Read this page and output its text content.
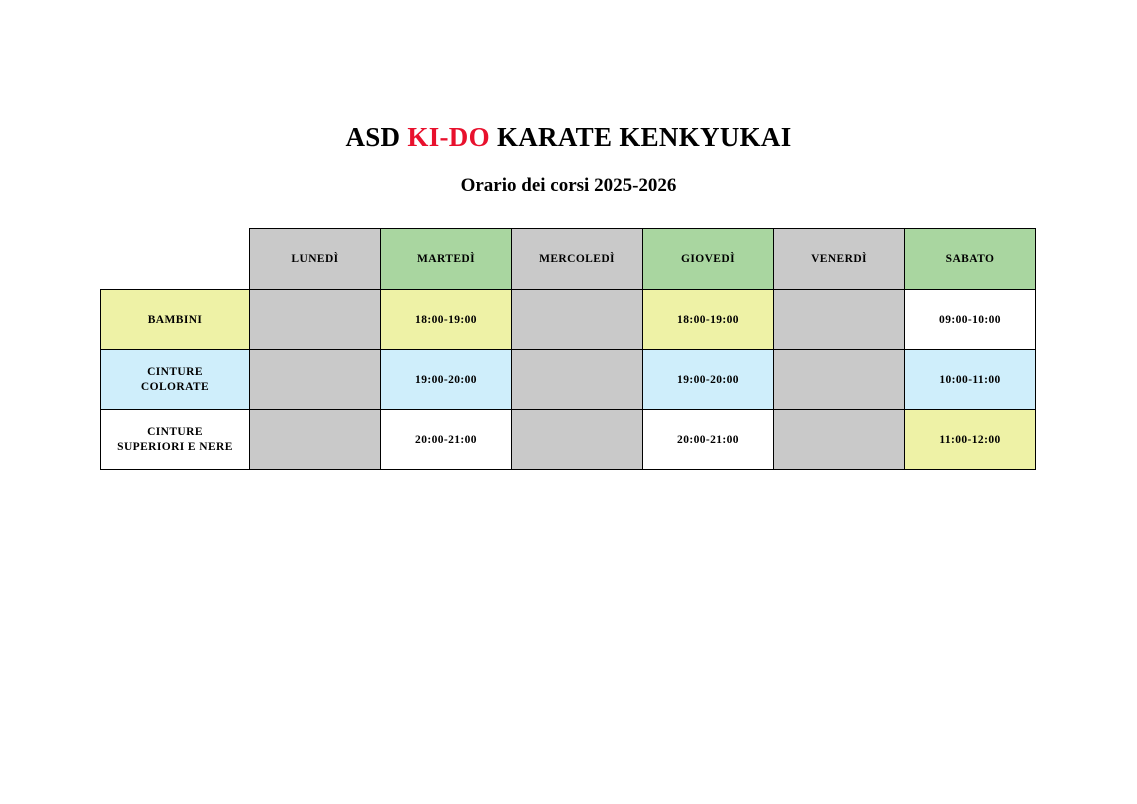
ASD KI-DO KARATE KENKYUKAI
Orario dei corsi 2025-2026
	LUNEDÌ	MARTEDÌ	MERCOLEDÌ	GIOVEDÌ	VENERDÌ	SABATO
BAMBINI		18:00-19:00		18:00-19:00		09:00-10:00

CINTURE
COLORATE		19:00-20:00		19:00-20:00		10:00-11:00

CINTURE
SUPERIORI E NERE		20:00-21:00		20:00-21:00		11:00-12:00
